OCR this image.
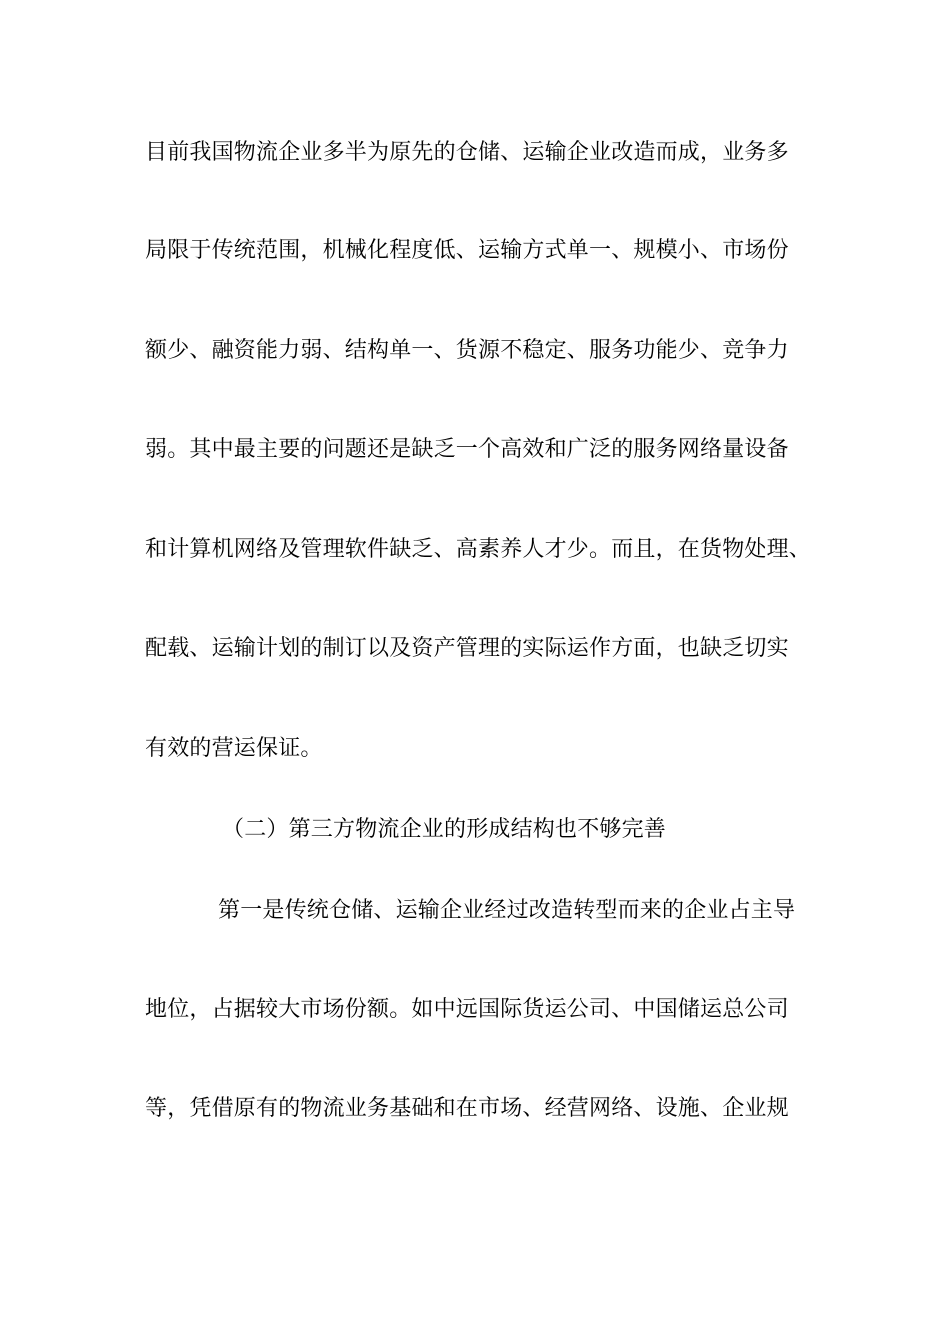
目前我国物流企业多半为原先的仓储、运输企业改造而成，业务多
局限于传统范围，机械化程度低、运输方式单一、规模小、市场份
额少、融资能力弱、结构单一、货源不稳定、服务功能少、竞争力
弱。其中最主要的问题还是缺乏一个高效和广泛的服务网络量设备
和计算机网络及管理软件缺乏、高素养人才少。而且，在货物处理、
配载、运输计划的制订以及资产管理的实际运作方面，也缺乏切实
有效的营运保证。
（二）第三方物流企业的形成结构也不够完善
第一是传统仓储、运输企业经过改造转型而来的企业占主导
地位，占据较大市场份额。如中远国际货运公司、中国储运总公司
等，凭借原有的物流业务基础和在市场、经营网络、设施、企业规
